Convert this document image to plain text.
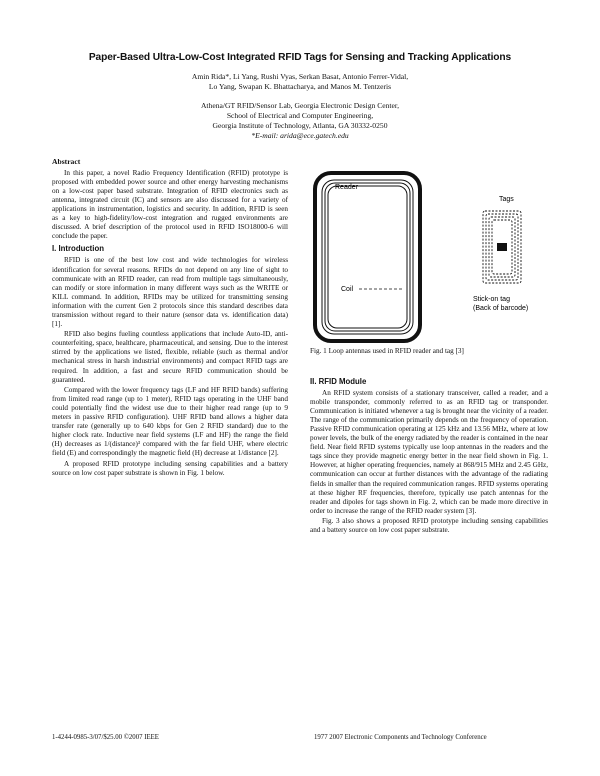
Paper-Based Ultra-Low-Cost Integrated RFID Tags for Sensing and Tracking Applications
Amin Rida*, Li Yang, Rushi Vyas, Serkan Basat, Antonio Ferrer-Vidal,
Lo Yang, Swapan K. Bhattacharya, and Manos M. Tentzeris
Athena/GT RFID/Sensor Lab, Georgia Electronic Design Center,
School of Electrical and Computer Engineering,
Georgia Institute of Technology, Atlanta, GA 30332-0250
*E-mail: arida@ece.gatech.edu
Abstract

In this paper, a novel Radio Frequency Identification (RFID) prototype is proposed with embedded power source and other energy harvesting mechanisms on a low-cost paper based substrate. Integration of RFID electronics such as antenna, integrated circuit (IC) and sensors are also discussed for a variety of applications in instrumentation, logistics and security. In addition, RFID is seen as a key to high-fidelity/low-cost integration and rugged environments are discussed. A brief description of the protocol used in RFID ISO18000-6 will conclude the paper.

I. Introduction

RFID is one of the best low cost and wide technologies for wireless identification for several reasons. RFIDs do not depend on any line of sight to communicate with an RFID reader, can read from multiple tags simultaneously, can modify or store information in many different ways such as the WRITE or KILL command. In addition, RFIDs may be utilized for transmitting sensing information with the current Gen 2 protocols since this standard describes data transmission without regard to their nature (sensor data vs. identification data) [1].

RFID also begins fueling countless applications that include Auto-ID, anti-counterfeiting, space, healthcare, pharmaceutical, and sensing. Due to the interest stirred by the applications we listed, flexible, reliable (such as thermal and/or mechanical stress in harsh industrial environments) and compact RFID tags are required. In addition, a fast and secure RFID communication should be guaranteed.

Compared with the lower frequency tags (LF and HF RFID bands) suffering from limited read range (up to 1 meter), RFID tags operating in the UHF band could potentially find the widest use due to their higher read range (up to 9 meters in passive RFID configuration). UHF RFID band allows a higher data transfer rate (generally up to 640 kbps for Gen 2 RFID standard) due to the higher clock rate. Inductive near field systems (LF and HF) the range the field (H) decreases as 1/(distance)³ compared with the far field UHF, where electric field (E) and correspondingly the magnetic field (H) decrease at 1/distance [2].

A proposed RFID prototype including sensing capabilities and a battery source on low cost paper substrate is shown in Fig. 1 below.

Reader
Coil
Tags
Stick-on tag
(Back of barcode)
Fig. 1 Loop antennas used in RFID reader and tag [3]
II. RFID Module

An RFID system consists of a stationary transceiver, called a reader, and a mobile transponder, commonly referred to as an RFID tag or transponder. Communication is initiated whenever a tag is brought near the vicinity of a reader. The range of the communication primarily depends on the frequency of operation. Passive RFID communication operating at 125 kHz and 13.56 MHz, where at low power levels, the bulk of the energy radiated by the reader is contained in the near field. Near field RFID systems typically use loop antennas in the readers and the tags since they provide magnetic energy better in the near field shown in Fig. 1. However, at higher operating frequencies, namely at 868/915 MHz and 2.45 GHz, communication can occur at further distances with the advantage of the radiating fields in smaller than the required communication ranges. RFID systems operating at these higher RF frequencies, therefore, typically use patch antennas for the reader and dipoles for tags shown in Fig. 2, which can be made more directive in order to increase the range of the RFID reader system [3].

Fig. 3 also shows a proposed RFID prototype including sensing capabilities and a battery source on low cost paper substrate.

1-4244-0985-3/07/$25.00 ©2007 IEEE	1977 2007 Electronic Components and Technology Conference
